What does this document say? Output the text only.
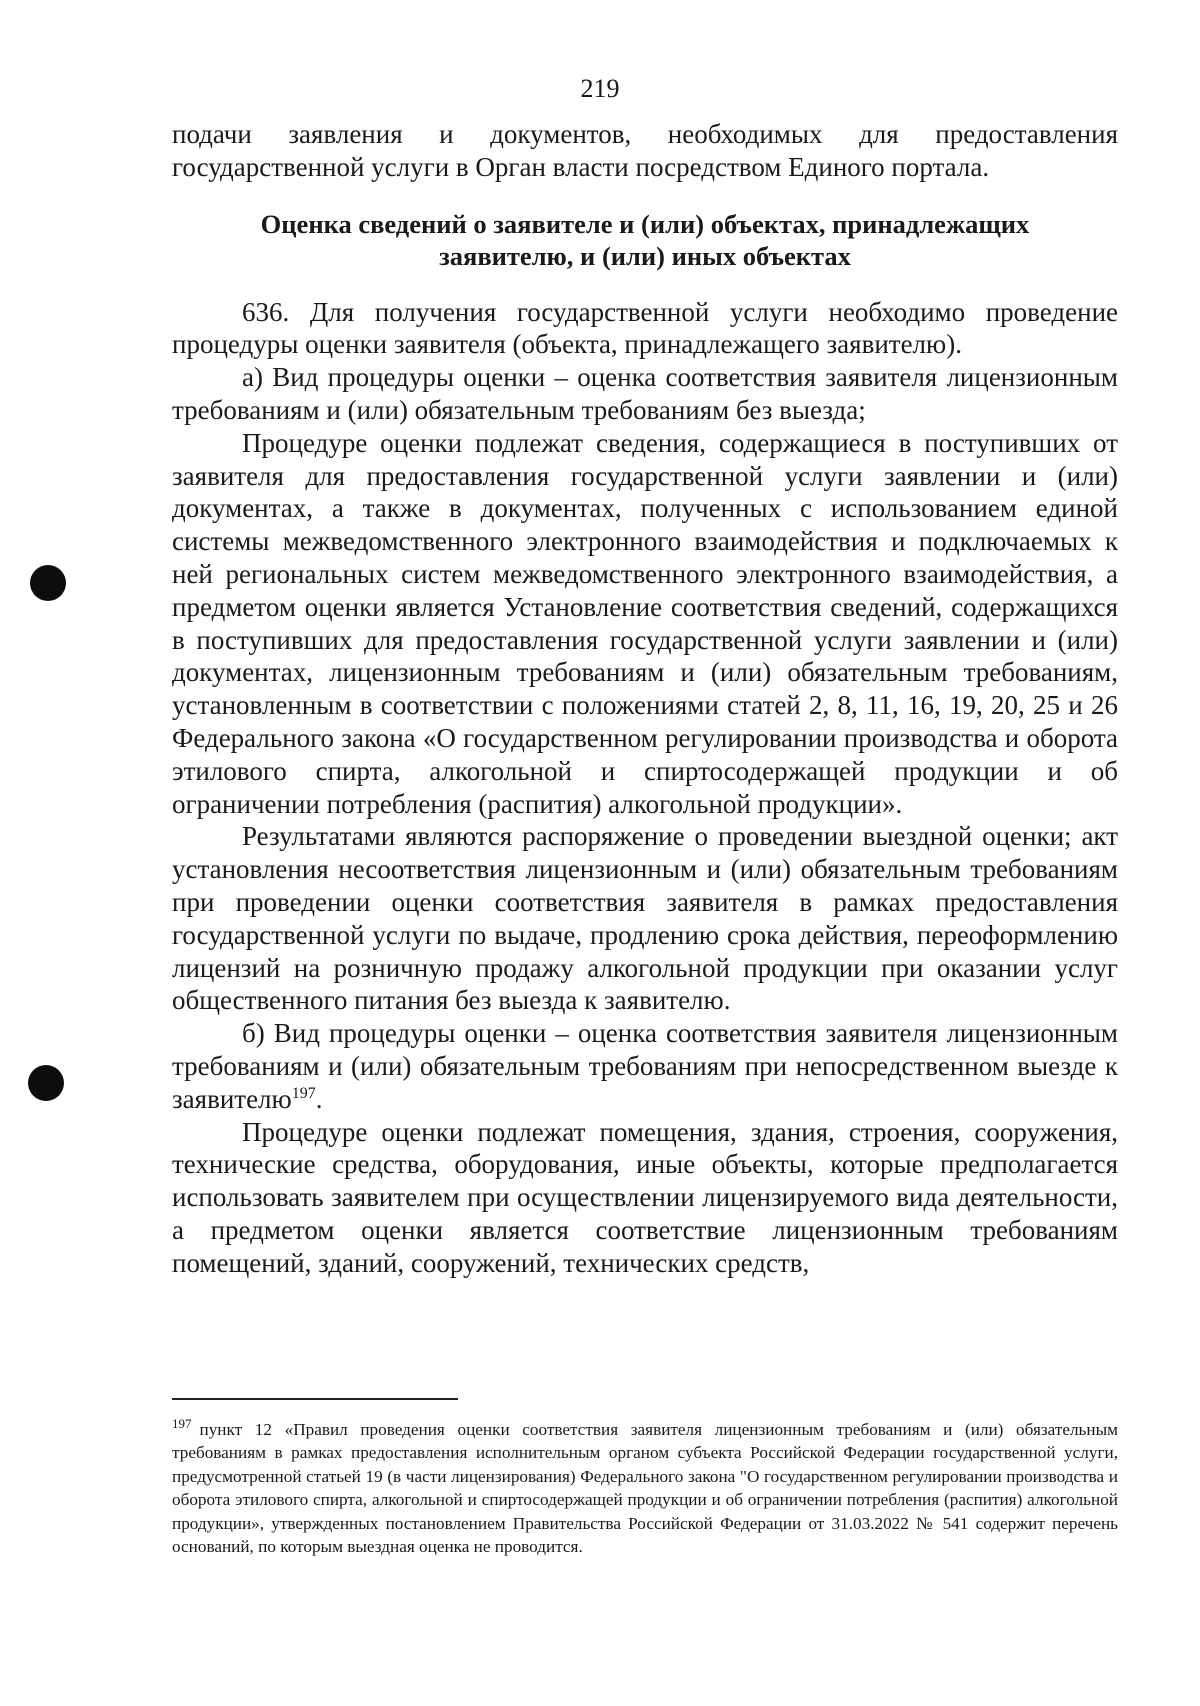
219

подачи заявления и документов, необходимых для предоставления государственной услуги в Орган власти посредством Единого портала.

Оценка сведений о заявителе и (или) объектах, принадлежащих заявителю, и (или) иных объектах

636. Для получения государственной услуги необходимо проведение процедуры оценки заявителя (объекта, принадлежащего заявителю).

а) Вид процедуры оценки – оценка соответствия заявителя лицензионным требованиям и (или) обязательным требованиям без выезда;

Процедуре оценки подлежат сведения, содержащиеся в поступивших от заявителя для предоставления государственной услуги заявлении и (или) документах, а также в документах, полученных с использованием единой системы межведомственного электронного взаимодействия и подключаемых к ней региональных систем межведомственного электронного взаимодействия, а предметом оценки является Установление соответствия сведений, содержащихся в поступивших для предоставления государственной услуги заявлении и (или) документах, лицензионным требованиям и (или) обязательным требованиям, установленным в соответствии с положениями статей 2, 8, 11, 16, 19, 20, 25 и 26 Федерального закона «О государственном регулировании производства и оборота этилового спирта, алкогольной и спиртосодержащей продукции и об ограничении потребления (распития) алкогольной продукции».

Результатами являются распоряжение о проведении выездной оценки; акт установления несоответствия лицензионным и (или) обязательным требованиям при проведении оценки соответствия заявителя в рамках предоставления государственной услуги по выдаче, продлению срока действия, переоформлению лицензий на розничную продажу алкогольной продукции при оказании услуг общественного питания без выезда к заявителю.

б) Вид процедуры оценки – оценка соответствия заявителя лицензионным требованиям и (или) обязательным требованиям при непосредственном выезде к заявителю$^{197}$.

Процедуре оценки подлежат помещения, здания, строения, сооружения, технические средства, оборудования, иные объекты, которые предполагается использовать заявителем при осуществлении лицензируемого вида деятельности, а предметом оценки является соответствие лицензионным требованиям помещений, зданий, сооружений, технических средств,

$^{197}$ пункт 12 «Правил проведения оценки соответствия заявителя лицензионным требованиям и (или) обязательным требованиям в рамках предоставления исполнительным органом субъекта Российской Федерации государственной услуги, предусмотренной статьей 19 (в части лицензирования) Федерального закона "О государственном регулировании производства и оборота этилового спирта, алкогольной и спиртосодержащей продукции и об ограничении потребления (распития) алкогольной продукции», утвержденных постановлением Правительства Российской Федерации от 31.03.2022 № 541 содержит перечень оснований, по которым выездная оценка не проводится.
